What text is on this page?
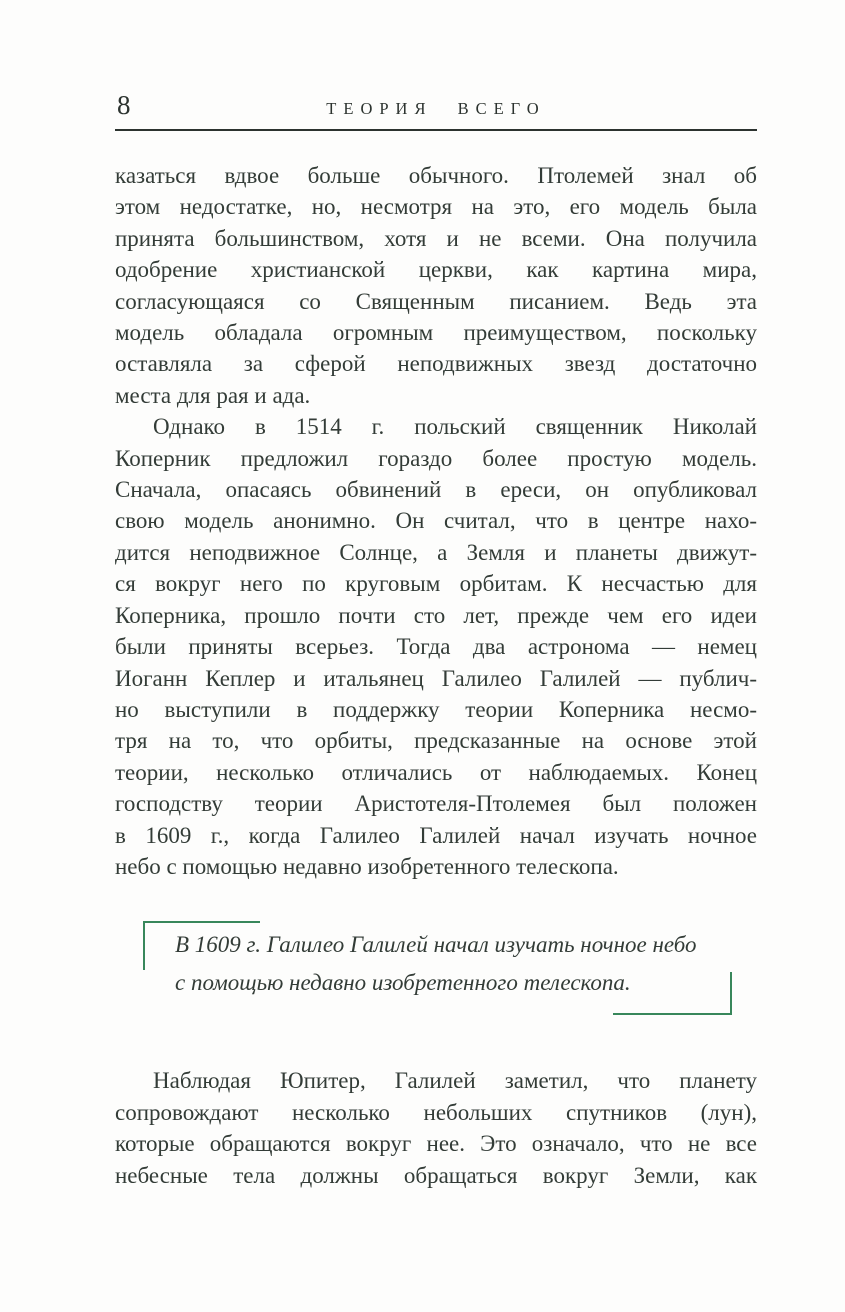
8	ТЕОРИЯ ВСЕГО
казаться вдвое больше обычного. Птолемей знал об
этом недостатке, но, несмотря на это, его модель была
принята большинством, хотя и не всеми. Она получила
одобрение христианской церкви, как картина мира,
согласующаяся со Священным писанием. Ведь эта
модель обладала огромным преимуществом, поскольку
оставляла за сферой неподвижных звезд достаточно
места для рая и ада.
Однако в 1514 г. польский священник Николай
Коперник предложил гораздо более простую модель.
Сначала, опасаясь обвинений в ереси, он опубликовал
свою модель анонимно. Он считал, что в центре нахо-
дится неподвижное Солнце, а Земля и планеты движут-
ся вокруг него по круговым орбитам. К несчастью для
Коперника, прошло почти сто лет, прежде чем его идеи
были приняты всерьез. Тогда два астронома — немец
Иоганн Кеплер и итальянец Галилео Галилей — публич-
но выступили в поддержку теории Коперника несмо-
тря на то, что орбиты, предсказанные на основе этой
теории, несколько отличались от наблюдаемых. Конец
господству теории Аристотеля-Птолемея был положен
в 1609 г., когда Галилео Галилей начал изучать ночное
небо с помощью недавно изобретенного телескопа.
В 1609 г. Галилео Галилей начал изучать ночное небо
с помощью недавно изобретенного телескопа.
Наблюдая Юпитер, Галилей заметил, что планету
сопровождают несколько небольших спутников (лун),
которые обращаются вокруг нее. Это означало, что не все
небесные тела должны обращаться вокруг Земли, как
